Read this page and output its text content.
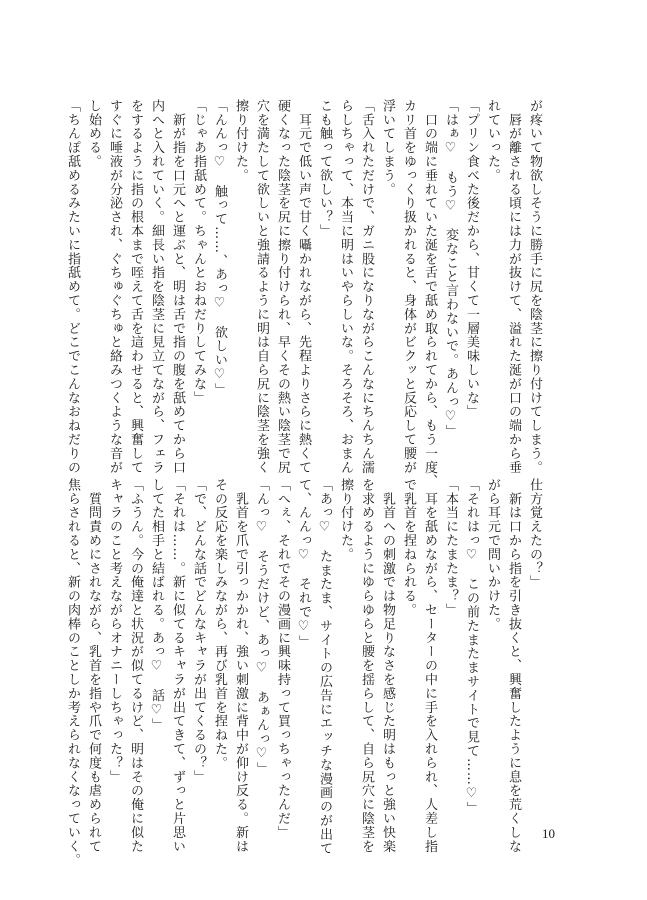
が疼いて物欲しそうに勝手に尻を陰茎に擦り付けてしまう。
　唇が離される頃には力が抜けて、溢れた涎が口の端から垂
れていった。
「プリン食べた後だから、甘くて一層美味しいな」
「はぁ♡　もう♡　変なこと言わないで。あんっ♡」
　口の端に垂れていた涎を舌で舐め取られてから、もう一度、
カリ首をゆっくり扱かれると、身体がビクッと反応して腰が
浮いてしまう。
「舌入れただけで、ガニ股になりながらこんなにちんちん濡
らしちゃって、本当に明はいやらしいな。そろそろ、おまん
こも触って欲しい？」
　耳元で低い声で甘く囁かれながら、先程よりさらに熱くて
硬くなった陰茎を尻に擦り付けられ、早くその熱い陰茎で尻
穴を満たして欲しいと強請るように明は自ら尻に陰茎を強く
擦り付けた。
「んんっ♡　触って……、あっ♡　欲しい♡」
「じゃあ指舐めて。ちゃんとおねだりしてみな」
　新が指を口元へと運ぶと、明は舌で指の腹を舐めてから口
内へと入れていく。細長い指を陰茎に見立てながら、フェラ
をするように指の根本まで咥えて舌を這わせると、興奮して
すぐに唾液が分泌され、ぐちゅぐちゅと絡みつくような音が
し始める。
「ちんぽ舐めるみたいに指舐めて。どこでこんなおねだりの
仕方覚えたの？」
　新は口から指を引き抜くと、興奮したように息を荒くしな
がら耳元で問いかけた。
「それはっ♡　この前たまたまサイトで見て……♡」
「本当にたまたま？」
　耳を舐めながら、セーターの中に手を入れられ、人差し指
で乳首を捏ねられる。
　乳首への刺激では物足りなさを感じた明はもっと強い快楽
を求めるようにゆらゆらと腰を揺らして、自ら尻穴に陰茎を
擦り付けた。
「あっ♡　たまたま、サイトの広告にエッチな漫画のが出て
て、んんっ♡　それで♡」
「へぇ、それでその漫画に興味持って買っちゃったんだ」
「んっ♡　そうだけど、あっ♡　あぁんっ♡」
　乳首を爪で引っかかれ、強い刺激に背中が仰け反る。新は
その反応を楽しみながら、再び乳首を捏ねた。
「で、どんな話でどんなキャラが出てくるの？」
「それは……。新に似てるキャラが出てきて、ずっと片思い
してた相手と結ばれる。あっ♡　話♡」
「ふうん。今の俺達と状況が似てるけど、明はその俺に似た
キャラのこと考えながらオナニーしちゃった？」
　質問責めにされながら、乳首を指や爪で何度も虐められて
焦らされると、新の肉棒のことしか考えられなくなっていく。	10
